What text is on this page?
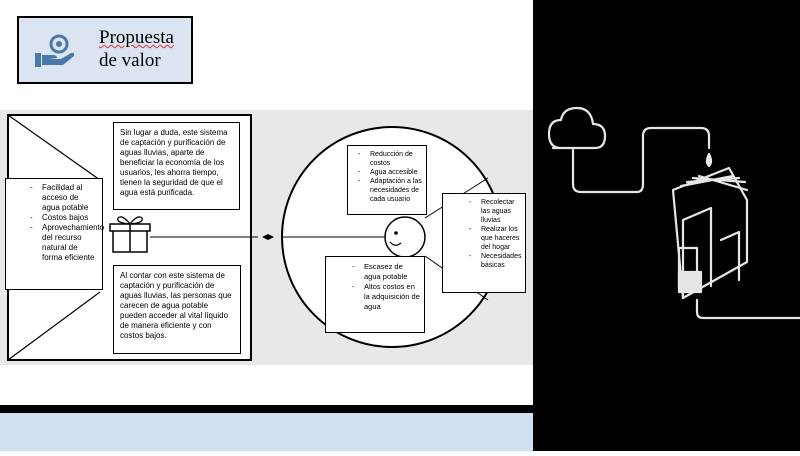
Propuesta
de valor
- Facilidad al acceso de agua potable
- Costos bajos
- Aprovechamiento del recurso natural de forma eficiente
Sin lugar a duda, este sistema de captación y purificación de aguas lluvias, aparte de beneficiar la economía de los usuarios, les ahorra tiempo, tienen la seguridad de que el agua está purificada.
Al contar con este sistema de captación y purificación de aguas lluvias, las personas que carecen de agua potable pueden acceder al vital líquido de manera eficiente y con costos bajos.
- Reducción de costos
- Agua accesible
- Adaptación a las necesidades de cada usuario
- Escasez de agua potable
- Altos costos en la adquisición de agua
- Recolectar las aguas lluvias
- Realizar los que haceres del hogar
- Necesidades básicas
